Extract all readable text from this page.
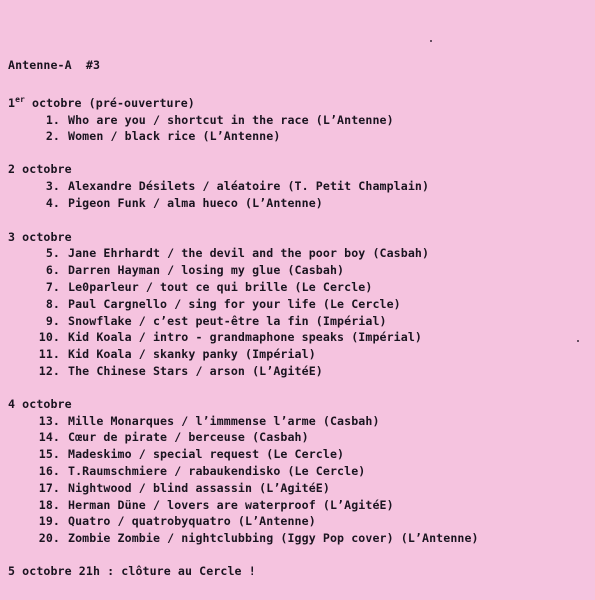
Antenne-A  #3
1er octobre (pré-ouverture)
1. Who are you / shortcut in the race (L’Antenne)
2. Women / black rice (L’Antenne)
2 octobre
3. Alexandre Désilets / aléatoire (T. Petit Champlain)
4. Pigeon Funk / alma hueco (L’Antenne)
3 octobre
5. Jane Ehrhardt / the devil and the poor boy (Casbah)
6. Darren Hayman / losing my glue (Casbah)
7. Le0parleur / tout ce qui brille (Le Cercle)
8. Paul Cargnello / sing for your life (Le Cercle)
9. Snowflake / c’est peut-être la fin (Impérial)
10. Kid Koala / intro - grandmaphone speaks (Impérial)
11. Kid Koala / skanky panky (Impérial)
12. The Chinese Stars / arson (L’AgitéE)
4 octobre
13. Mille Monarques / l’immmense l’arme (Casbah)
14. Cœur de pirate / berceuse (Casbah)
15. Madeskimo / special request (Le Cercle)
16. T.Raumschmiere / rabaukendisko (Le Cercle)
17. Nightwood / blind assassin (L’AgitéE)
18. Herman Düne / lovers are waterproof (L’AgitéE)
19. Quatro / quatrobyquatro (L’Antenne)
20. Zombie Zombie / nightclubbing (Iggy Pop cover) (L’Antenne)
5 octobre 21h : clôture au Cercle !
